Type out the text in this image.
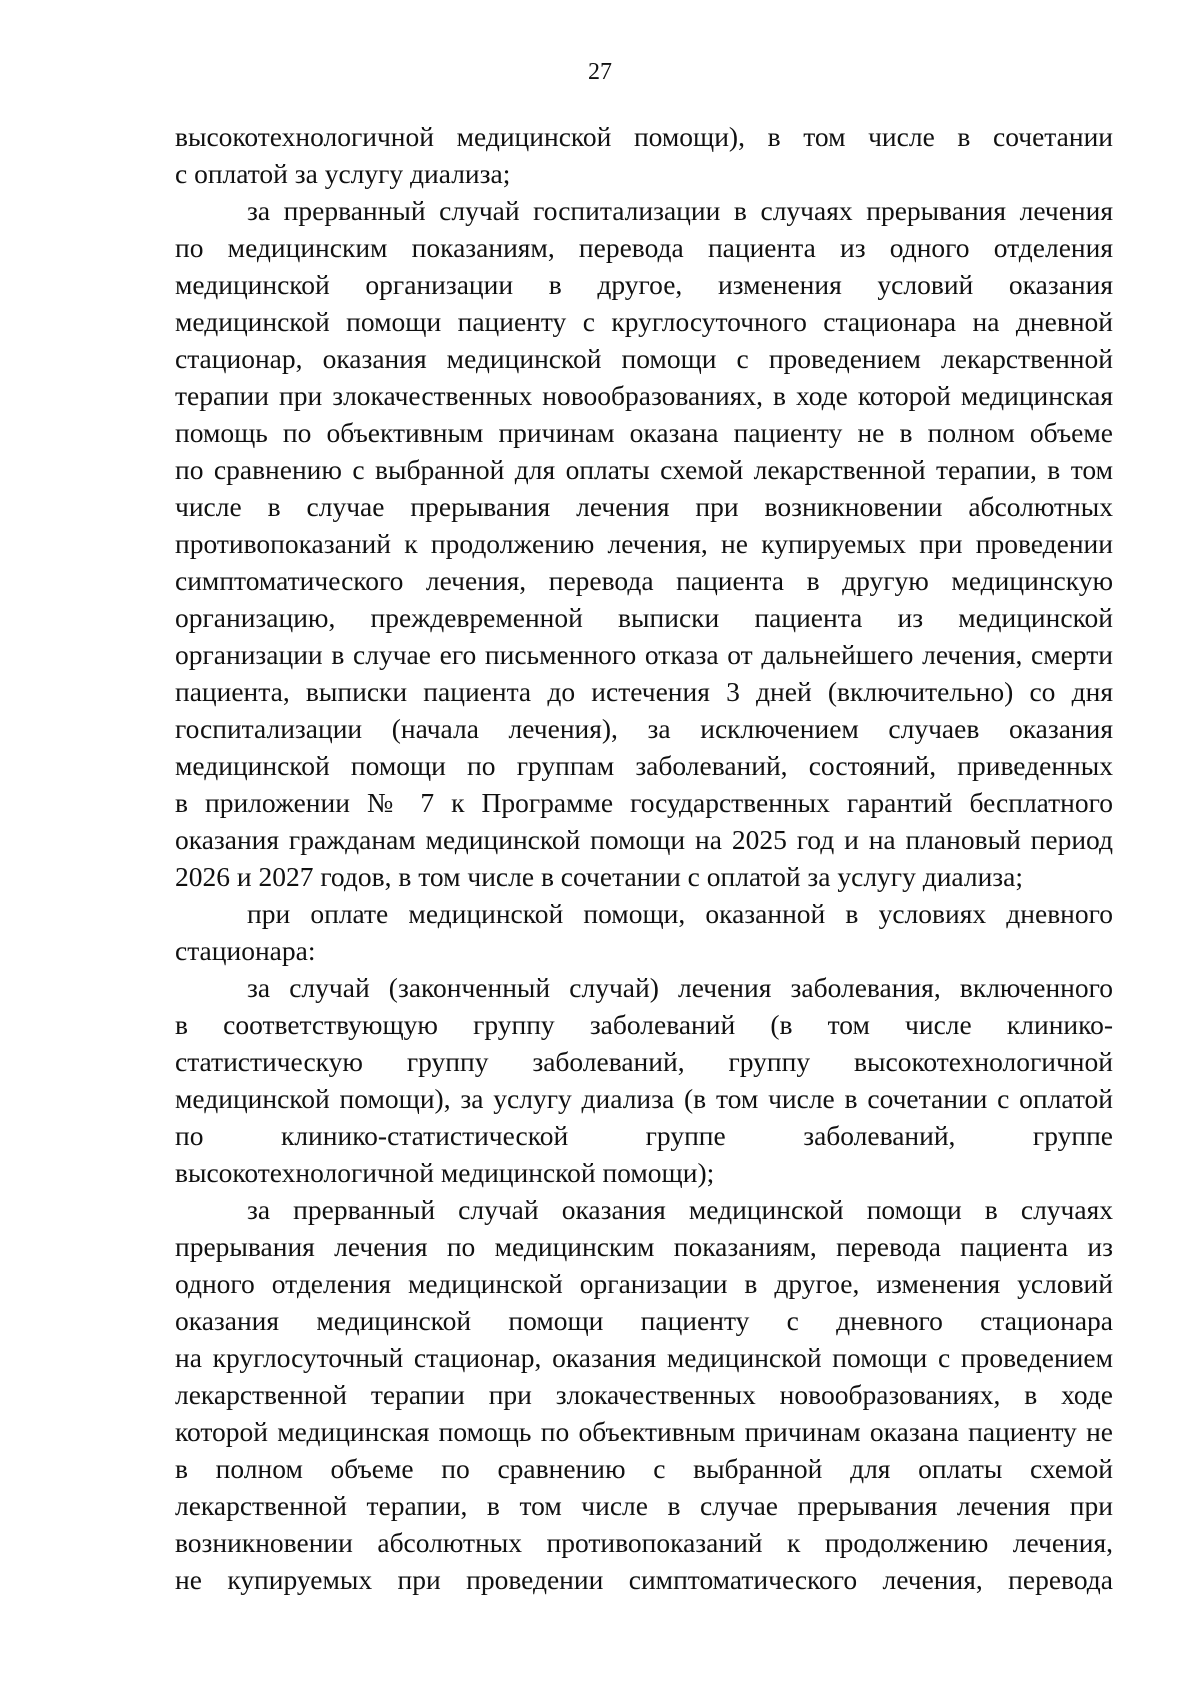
27
высокотехнологичной медицинской помощи), в том числе в сочетании
с оплатой за услугу диализа;
за прерванный случай госпитализации в случаях прерывания лечения
по медицинским показаниям, перевода пациента из одного отделения
медицинской организации в другое, изменения условий оказания
медицинской помощи пациенту с круглосуточного стационара на дневной
стационар, оказания медицинской помощи с проведением лекарственной
терапии при злокачественных новообразованиях, в ходе которой медицинская
помощь по объективным причинам оказана пациенту не в полном объеме
по сравнению с выбранной для оплаты схемой лекарственной терапии, в том
числе в случае прерывания лечения при возникновении абсолютных
противопоказаний к продолжению лечения, не купируемых при проведении
симптоматического лечения, перевода пациента в другую медицинскую
организацию, преждевременной выписки пациента из медицинской
организации в случае его письменного отказа от дальнейшего лечения, смерти
пациента, выписки пациента до истечения 3 дней (включительно) со дня
госпитализации (начала лечения), за исключением случаев оказания
медицинской помощи по группам заболеваний, состояний, приведенных
в приложении № 7 к Программе государственных гарантий бесплатного
оказания гражданам медицинской помощи на 2025 год и на плановый период
2026 и 2027 годов, в том числе в сочетании с оплатой за услугу диализа;
при оплате медицинской помощи, оказанной в условиях дневного
стационара:
за случай (законченный случай) лечения заболевания, включенного
в соответствующую группу заболеваний (в том числе клинико-
статистическую группу заболеваний, группу высокотехнологичной
медицинской помощи), за услугу диализа (в том числе в сочетании с оплатой
по клинико-статистической группе заболеваний, группе
высокотехнологичной медицинской помощи);
за прерванный случай оказания медицинской помощи в случаях
прерывания лечения по медицинским показаниям, перевода пациента из
одного отделения медицинской организации в другое, изменения условий
оказания медицинской помощи пациенту с дневного стационара
на круглосуточный стационар, оказания медицинской помощи с проведением
лекарственной терапии при злокачественных новообразованиях, в ходе
которой медицинская помощь по объективным причинам оказана пациенту не
в полном объеме по сравнению с выбранной для оплаты схемой
лекарственной терапии, в том числе в случае прерывания лечения при
возникновении абсолютных противопоказаний к продолжению лечения,
не купируемых при проведении симптоматического лечения, перевода
